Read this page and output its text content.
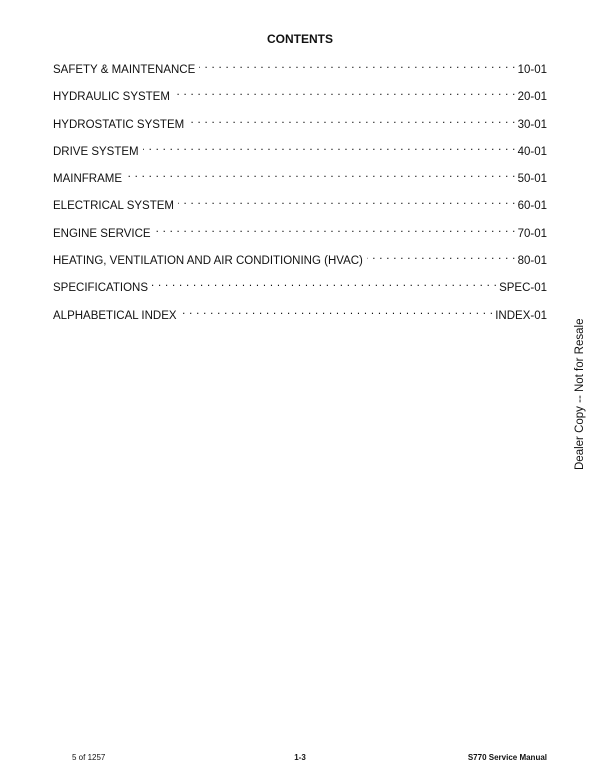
CONTENTS
SAFETY & MAINTENANCE . . .	10-01
HYDRAULIC SYSTEM . . .	20-01
HYDROSTATIC SYSTEM . . .	30-01
DRIVE SYSTEM . . .	40-01
MAINFRAME . . .	50-01
ELECTRICAL SYSTEM . . .	60-01
ENGINE SERVICE . . .	70-01
HEATING, VENTILATION AND AIR CONDITIONING (HVAC) . . .	80-01
SPECIFICATIONS . . .	SPEC-01
ALPHABETICAL INDEX . . .	INDEX-01
Dealer Copy -- Not for Resale
5 of 1257	1-3	S770 Service Manual
